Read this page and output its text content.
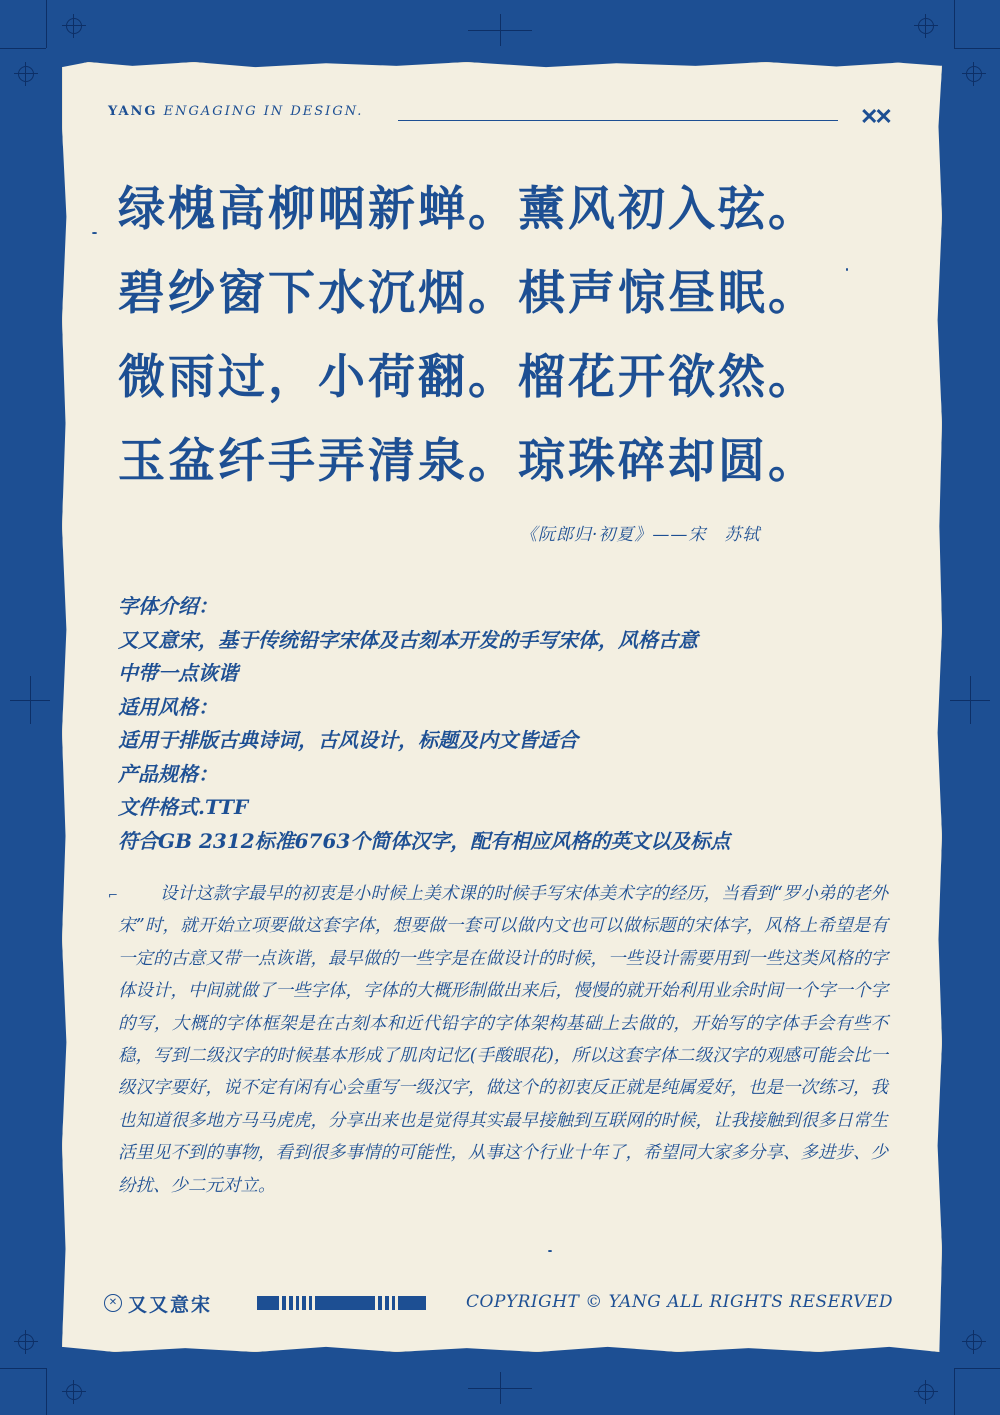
YANG ENGAGING IN DESIGN.	✕✕
绿槐高柳咽新蝉。薰风初入弦。
碧纱窗下水沉烟。棋声惊昼眠。
微雨过，小荷翻。榴花开欲然。
玉盆纤手弄清泉。琼珠碎却圆。
《阮郎归·初夏》——宋　苏轼
字体介绍：
又又意宋，基于传统铅字宋体及古刻本开发的手写宋体，风格古意
中带一点诙谐
适用风格：
适用于排版古典诗词，古风设计，标题及内文皆适合
产品规格：
文件格式.TTF
符合GB 2312标准6763个简体汉字，配有相应风格的英文以及标点
⌐	设计这款字最早的初衷是小时候上美术课的时候手写宋体美术字的经历，当看到“罗小弟的老外宋”时，就开始立项要做这套字体，想要做一套可以做内文也可以做标题的宋体字，风格上希望是有一定的古意又带一点诙谐，最早做的一些字是在做设计的时候，一些设计需要用到一些这类风格的字体设计，中间就做了一些字体，字体的大概形制做出来后，慢慢的就开始利用业余时间一个字一个字的写，大概的字体框架是在古刻本和近代铅字的字体架构基础上去做的，开始写的字体手会有些不稳，写到二级汉字的时候基本形成了肌肉记忆(手酸眼花)，所以这套字体二级汉字的观感可能会比一级汉字要好，说不定有闲有心会重写一级汉字，做这个的初衷反正就是纯属爱好，也是一次练习，我也知道很多地方马马虎虎，分享出来也是觉得其实最早接触到互联网的时候，让我接触到很多日常生活里见不到的事物，看到很多事情的可能性，从事这个行业十年了，希望同大家多分享、多进步、少纷扰、少二元对立。
✕ 又又意宋	COPYRIGHT © YANG ALL RIGHTS RESERVED
